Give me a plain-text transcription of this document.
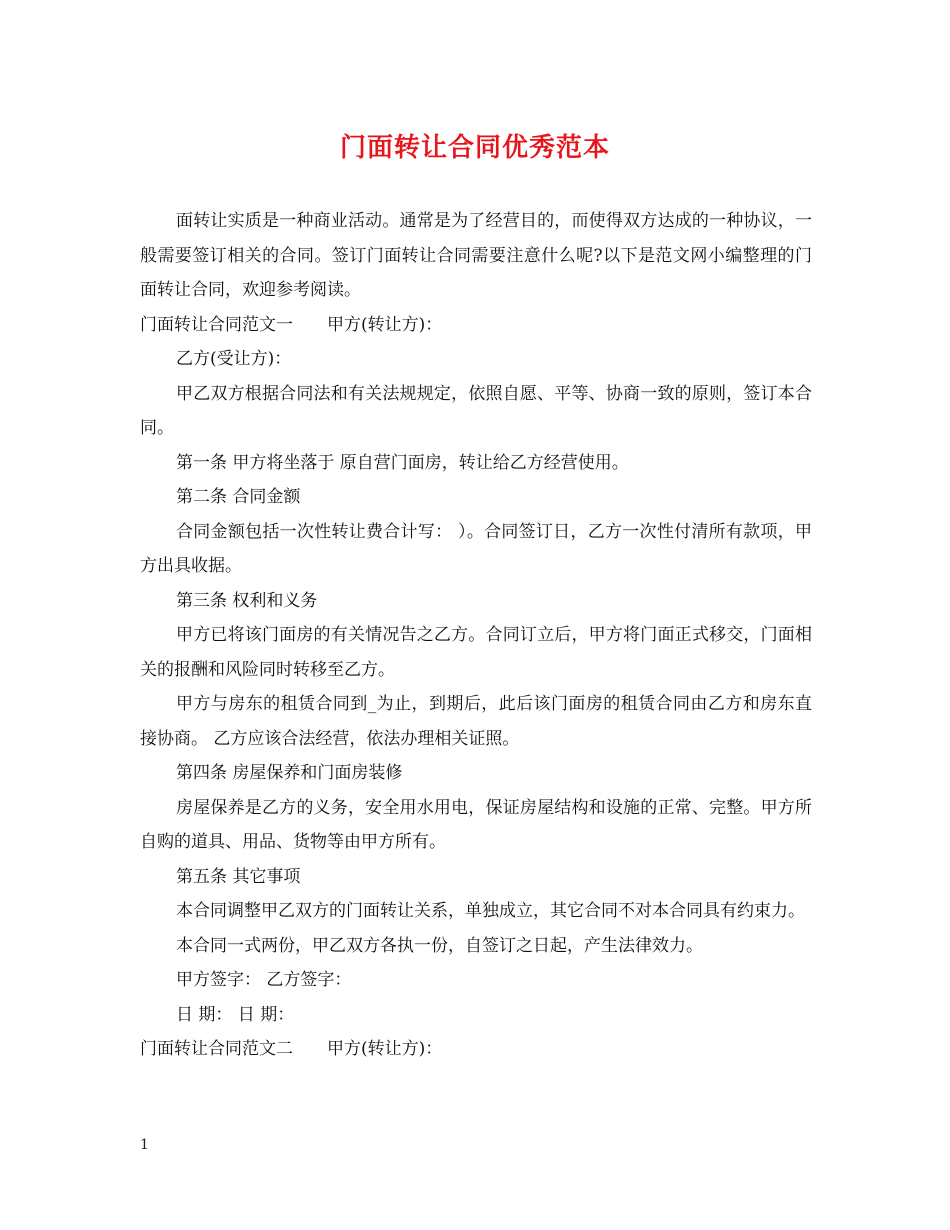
门面转让合同优秀范本

面转让实质是一种商业活动。通常是为了经营目的，而使得双方达成的一种协议，一般需要签订相关的合同。签订门面转让合同需要注意什么呢?以下是范文网小编整理的门面转让合同，欢迎参考阅读。

门面转让合同范文一　　甲方(转让方)：

乙方(受让方)：

甲乙双方根据合同法和有关法规规定，依照自愿、平等、协商一致的原则，签订本合同。

第一条 甲方将坐落于 原自营门面房，转让给乙方经营使用。

第二条 合同金额

合同金额包括一次性转让费合计写： ）。合同签订日，乙方一次性付清所有款项，甲方出具收据。

第三条 权利和义务

甲方已将该门面房的有关情况告之乙方。合同订立后，甲方将门面正式移交，门面相关的报酬和风险同时转移至乙方。

甲方与房东的租赁合同到_为止，到期后，此后该门面房的租赁合同由乙方和房东直接协商。 乙方应该合法经营，依法办理相关证照。

第四条 房屋保养和门面房装修

房屋保养是乙方的义务，安全用水用电，保证房屋结构和设施的正常、完整。甲方所自购的道具、用品、货物等由甲方所有。

第五条 其它事项

本合同调整甲乙双方的门面转让关系，单独成立，其它合同不对本合同具有约束力。

本合同一式两份，甲乙双方各执一份，自签订之日起，产生法律效力。

甲方签字： 乙方签字：

日 期： 日 期：

门面转让合同范文二　　甲方(转让方)：

1
